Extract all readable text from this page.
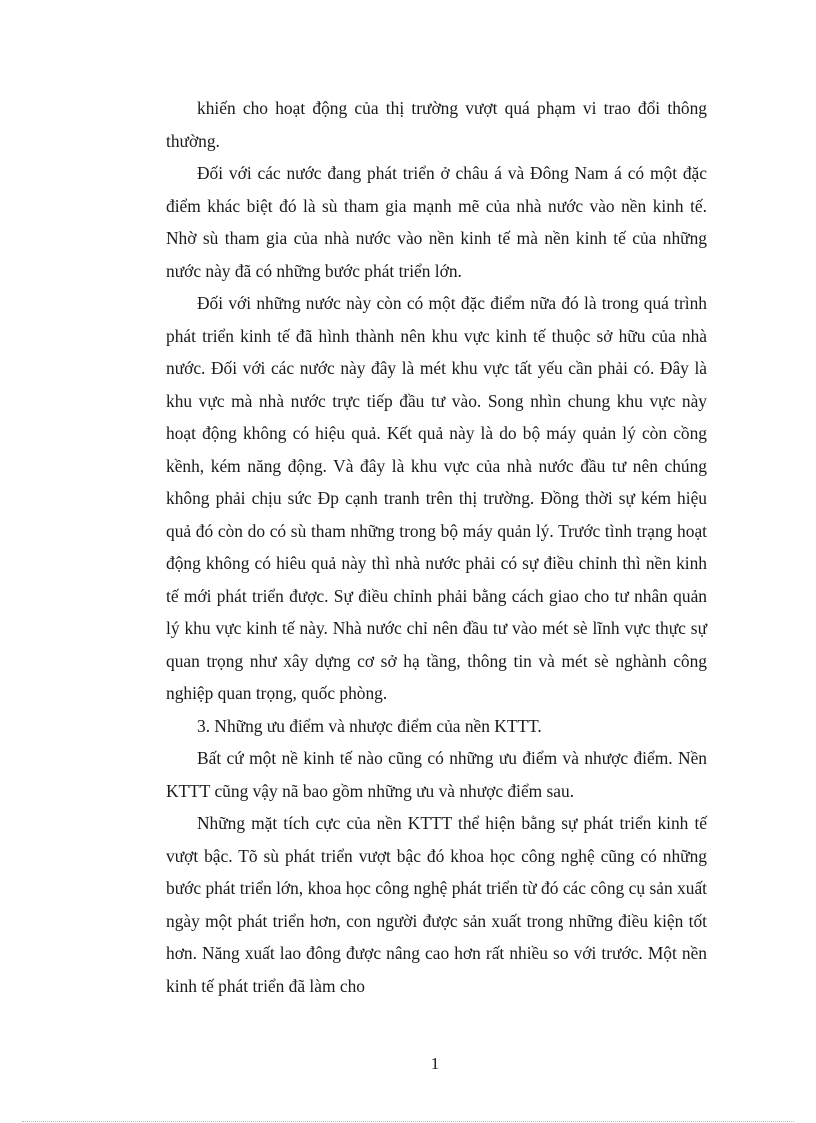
khiến cho hoạt động của thị trường vượt quá phạm vi trao đổi thông thường.

Đối với các nước đang phát triển ở châu á và Đông Nam á có một đặc điểm khác biệt đó là sù tham gia mạnh mẽ của nhà nước vào nền kinh tế. Nhờ sù tham gia của nhà nước vào nền kinh tế mà nền kinh tế của những nước này đã có những bước phát triển lớn.

Đối với những nước này còn có một đặc điểm nữa đó là trong quá trình phát triển kinh tế đã hình thành nên khu vực kinh tế thuộc sở hữu của nhà nước. Đối với các nước này đây là mét khu vực tất yếu cần phải có. Đây là khu vực mà nhà nước trực tiếp đầu tư vào. Song nhìn chung khu vực này hoạt động không có hiệu quả. Kết quả này là do bộ máy quản lý còn cồng kềnh, kém năng động. Và đây là khu vực của nhà nước đầu tư nên chúng không phải chịu sức Ðp cạnh tranh trên thị trường. Đồng thời sự kém hiệu quả đó còn do có sù tham những trong bộ máy quản lý. Trước tình trạng hoạt động không có hiêu quả này thì nhà nước phải có sự điều chỉnh thì nền kinh tế mới phát triển được. Sự điều chỉnh phải bằng cách giao cho tư nhân quản lý khu vực kinh tế này. Nhà nước chỉ nên đầu tư vào mét sè lĩnh vực thực sự quan trọng như xây dựng cơ sở hạ tầng, thông tin và mét sè nghành công nghiệp quan trọng, quốc phòng.

3. Những ưu điểm và nhược điểm của nền KTTT.

Bất cứ một nề kinh tế nào cũng có những ưu điểm và nhược điểm. Nền KTTT cũng vậy nã bao gồm những ưu và nhược điểm sau.

Những mặt tích cực của nền KTTT thể hiện bằng sự phát triển kinh tế vượt bậc. Tõ sù phát triển vượt bậc đó khoa học công nghệ cũng có những bước phát triển lớn, khoa học công nghệ phát triển từ đó các công cụ sản xuất ngày một phát triển hơn, con người được sản xuất trong những điều kiện tốt hơn. Năng xuất lao đông được nâng cao hơn rất nhiều so với trước. Một nền kinh tế phát triển đã làm cho

1
